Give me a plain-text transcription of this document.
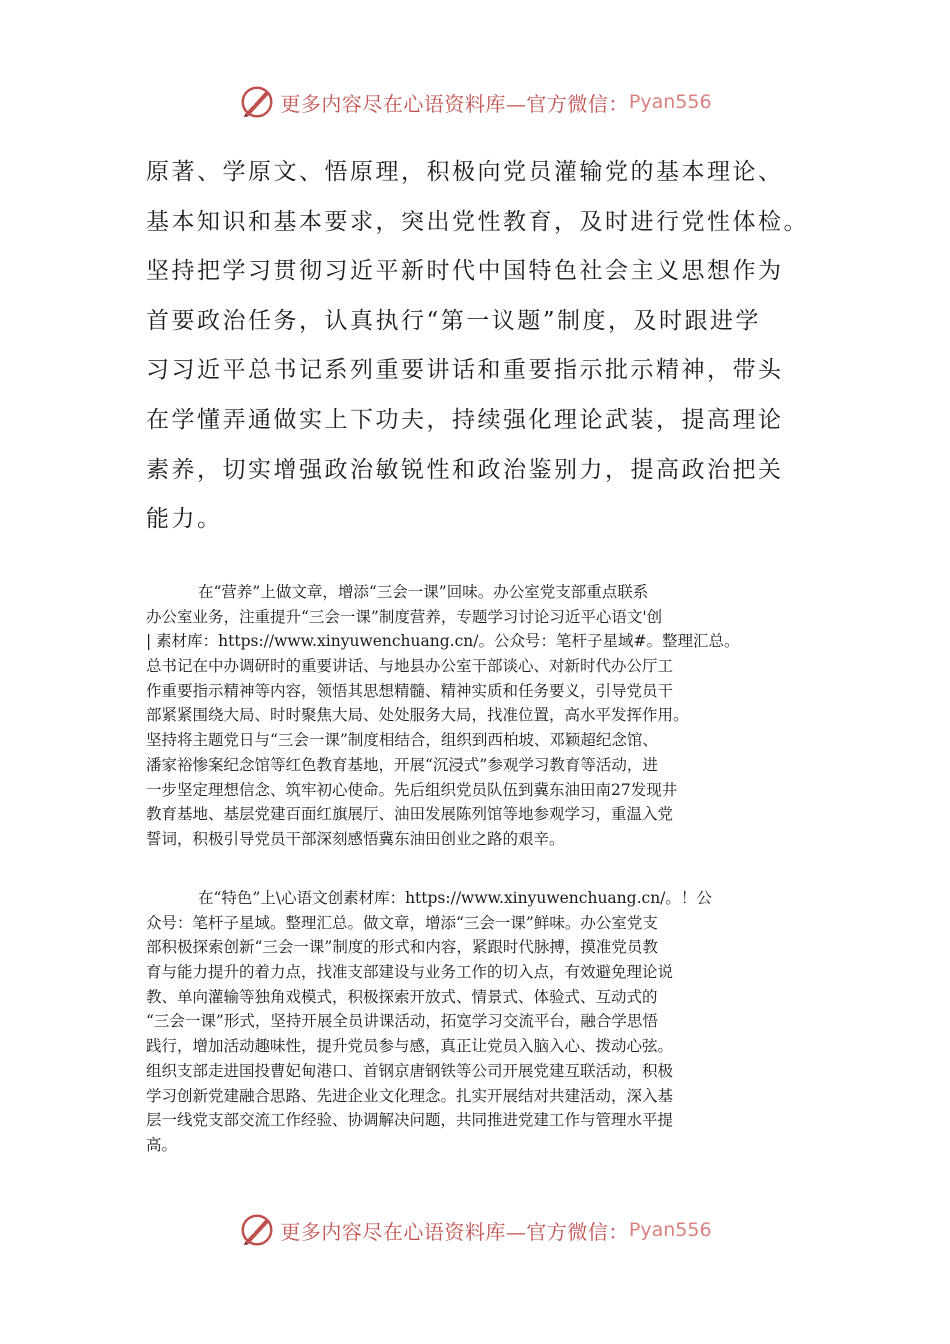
更多内容尽在心语资料库—官方微信： Pyan556
原著、学原文、悟原理，积极向党员灌输党的基本理论、
基本知识和基本要求，突出党性教育，及时进行党性体检。
坚持把学习贯彻习近平新时代中国特色社会主义思想作为
首要政治任务，认真执行“第一议题”制度，及时跟进学
习习近平总书记系列重要讲话和重要指示批示精神，带头
在学懂弄通做实上下功夫，持续强化理论武装，提高理论
素养，切实增强政治敏锐性和政治鉴别力，提高政治把关
能力。
在“营养”上做文章，增添“三会一课”回味。办公室党支部重点联系
办公室业务，注重提升“三会一课”制度营养，专题学习讨论习近平心语文'创
| 素材库：https://www.xinyuwenchuang.cn/。公众号：笔杆子星域#。整理汇总。
总书记在中办调研时的重要讲话、与地县办公室干部谈心、对新时代办公厅工
作重要指示精神等内容，领悟其思想精髓、精神实质和任务要义，引导党员干
部紧紧围绕大局、时时聚焦大局、处处服务大局，找准位置，高水平发挥作用。
坚持将主题党日与“三会一课”制度相结合，组织到西柏坡、邓颖超纪念馆、
潘家裕惨案纪念馆等红色教育基地，开展“沉浸式”参观学习教育等活动，进
一步坚定理想信念、筑牢初心使命。先后组织党员队伍到冀东油田南27发现井
教育基地、基层党建百面红旗展厅、油田发展陈列馆等地参观学习，重温入党
誓词，积极引导党员干部深刻感悟冀东油田创业之路的艰辛。
在“特色”上\心语文创素材库：https://www.xinyuwenchuang.cn/。！公
众号：笔杆子星域。整理汇总。做文章，增添“三会一课”鲜味。办公室党支
部积极探索创新“三会一课”制度的形式和内容，紧跟时代脉搏，摸准党员教
育与能力提升的着力点，找准支部建设与业务工作的切入点，有效避免理论说
教、单向灌输等独角戏模式，积极探索开放式、情景式、体验式、互动式的
“三会一课”形式，坚持开展全员讲课活动，拓宽学习交流平台，融合学思悟
践行，增加活动趣味性，提升党员参与感，真正让党员入脑入心、拨动心弦。
组织支部走进国投曹妃甸港口、首钢京唐钢铁等公司开展党建互联活动，积极
学习创新党建融合思路、先进企业文化理念。扎实开展结对共建活动，深入基
层一线党支部交流工作经验、协调解决问题，共同推进党建工作与管理水平提
高。
更多内容尽在心语资料库—官方微信： Pyan556
